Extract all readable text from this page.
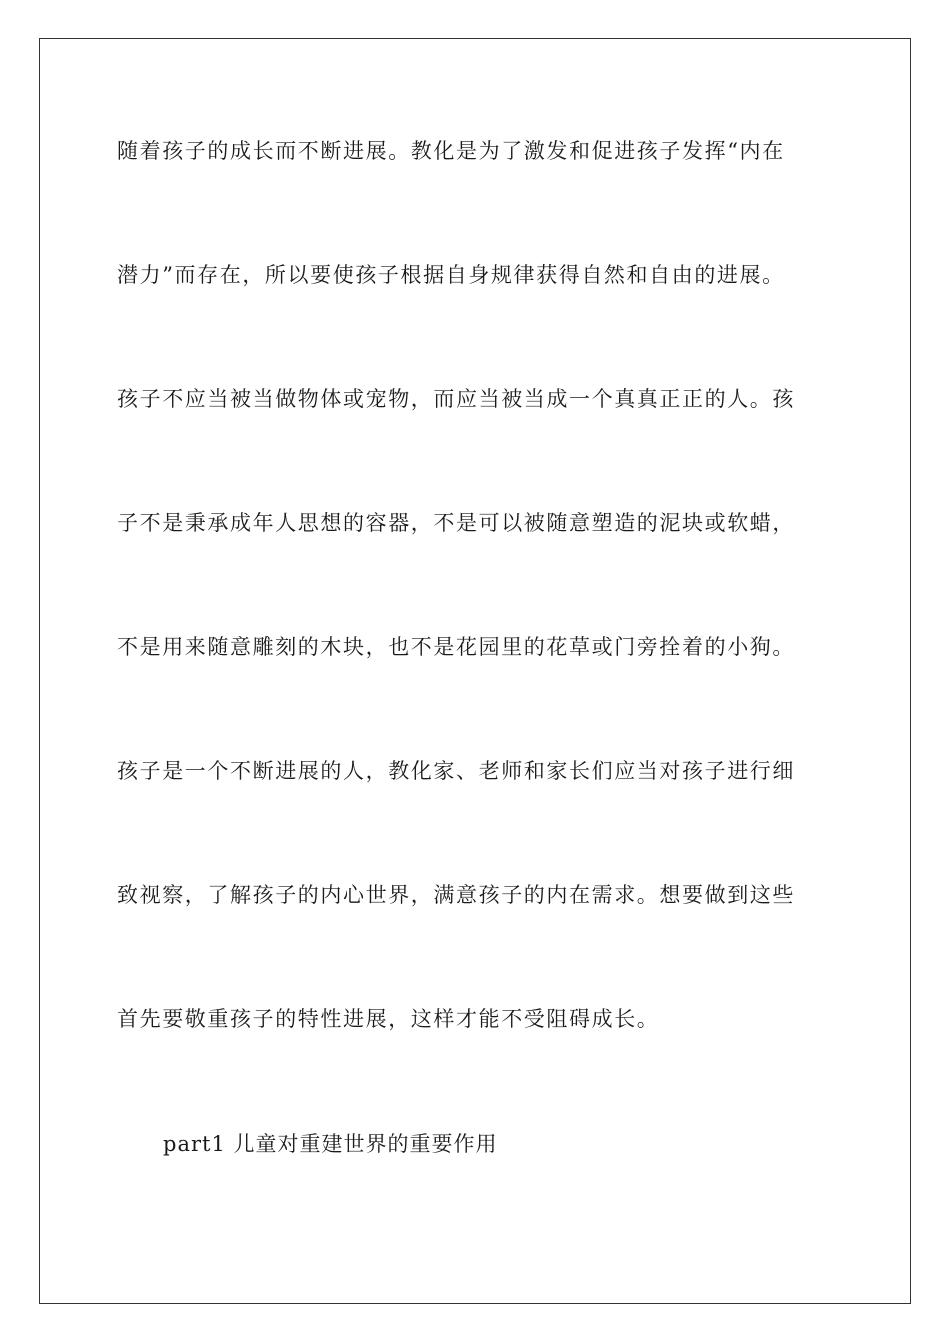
随着孩子的成长而不断进展。教化是为了激发和促进孩子发挥“内在
潜力”而存在，所以要使孩子根据自身规律获得自然和自由的进展。
孩子不应当被当做物体或宠物，而应当被当成一个真真正正的人。孩
子不是秉承成年人思想的容器，不是可以被随意塑造的泥块或软蜡，
不是用来随意雕刻的木块，也不是花园里的花草或门旁拴着的小狗。
孩子是一个不断进展的人，教化家、老师和家长们应当对孩子进行细
致视察，了解孩子的内心世界，满意孩子的内在需求。想要做到这些
首先要敬重孩子的特性进展，这样才能不受阻碍成长。
part1 儿童对重建世界的重要作用
